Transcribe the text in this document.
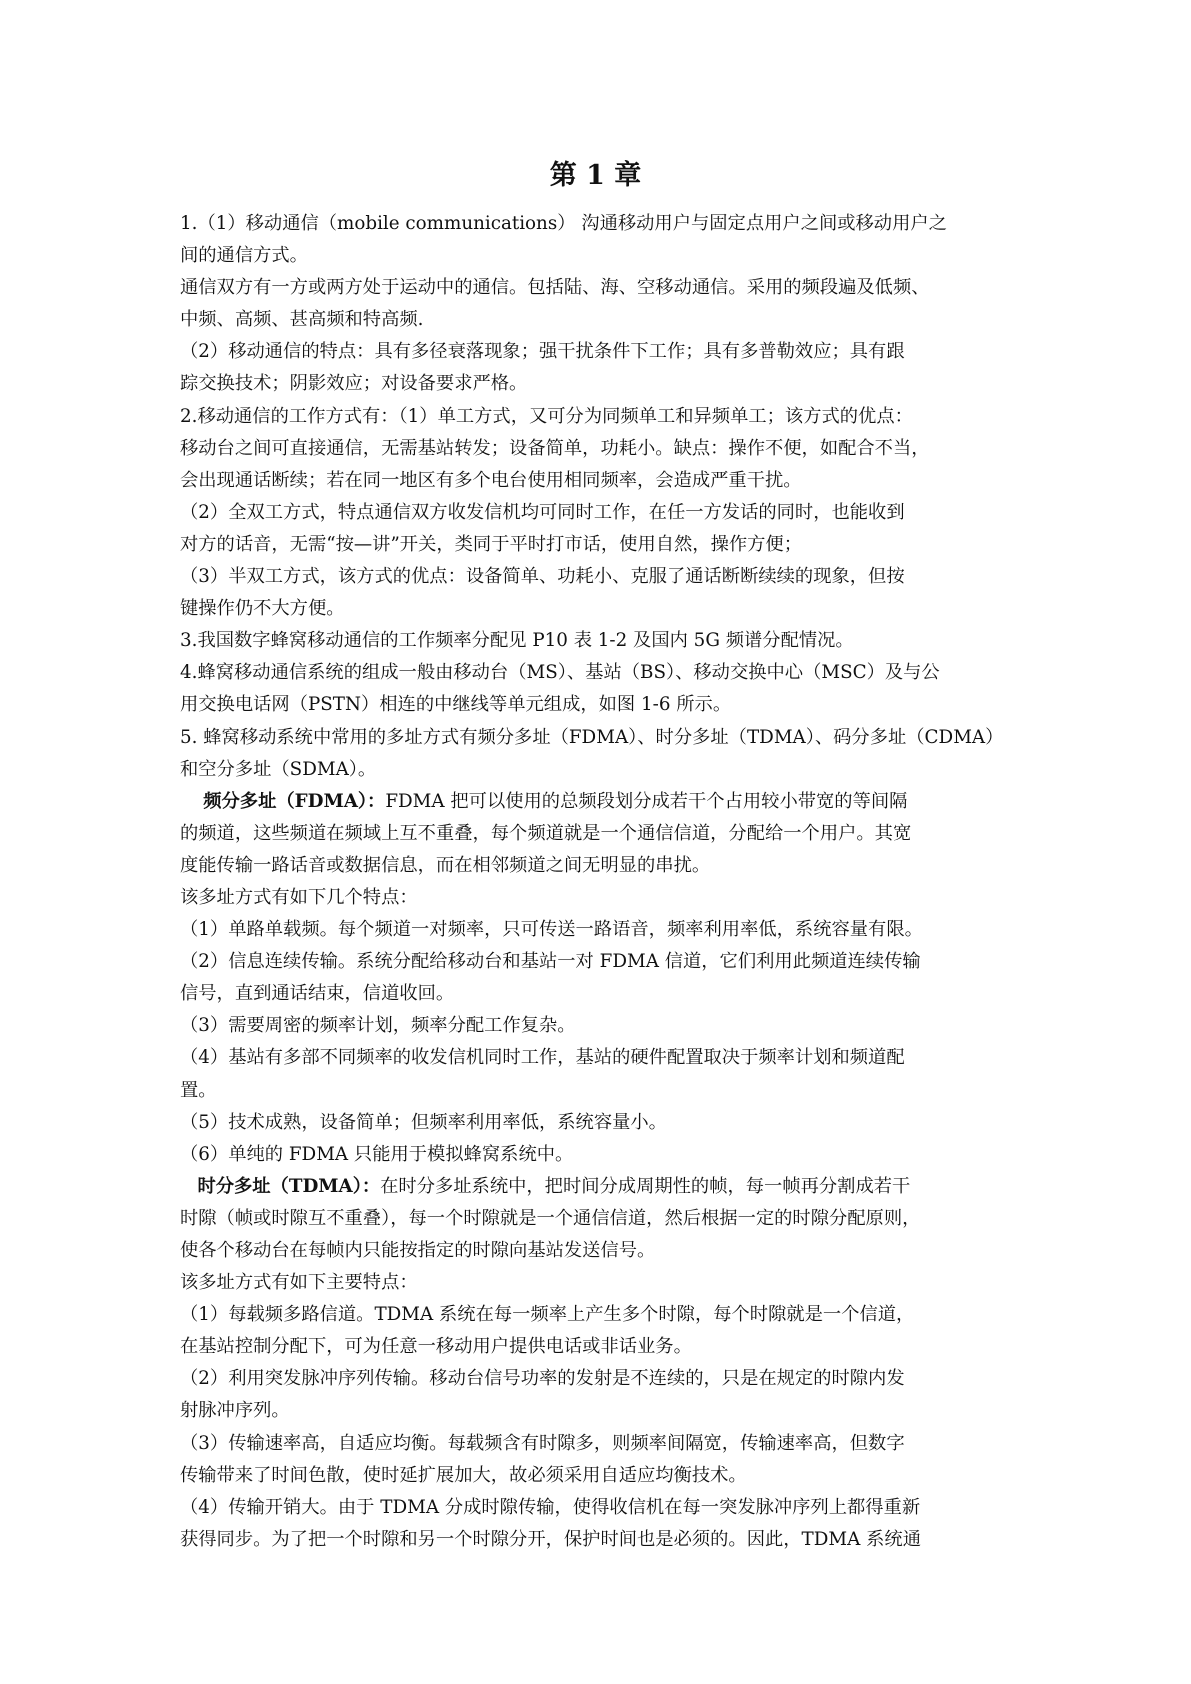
第 1 章
1.（1）移动通信（mobile communications） 沟通移动用户与固定点用户之间或移动用户之
间的通信方式。
通信双方有一方或两方处于运动中的通信。包括陆、海、空移动通信。采用的频段遍及低频、
中频、高频、甚高频和特高频.
（2）移动通信的特点：具有多径衰落现象；强干扰条件下工作；具有多普勒效应；具有跟
踪交换技术；阴影效应；对设备要求严格。
2.移动通信的工作方式有：（1）单工方式，又可分为同频单工和异频单工；该方式的优点：
移动台之间可直接通信，无需基站转发；设备简单，功耗小。缺点：操作不便，如配合不当，
会出现通话断续；若在同一地区有多个电台使用相同频率，会造成严重干扰。
（2）全双工方式，特点通信双方收发信机均可同时工作，在任一方发话的同时，也能收到
对方的话音，无需“按—讲”开关，类同于平时打市话，使用自然，操作方便；
（3）半双工方式，该方式的优点：设备简单、功耗小、克服了通话断断续续的现象，但按
键操作仍不大方便。
3.我国数字蜂窝移动通信的工作频率分配见 P10 表 1-2 及国内 5G 频谱分配情况。
4.蜂窝移动通信系统的组成一般由移动台（MS）、基站（BS）、移动交换中心（MSC）及与公
用交换电话网（PSTN）相连的中继线等单元组成，如图 1-6 所示。
5. 蜂窝移动系统中常用的多址方式有频分多址（FDMA）、时分多址（TDMA）、码分多址（CDMA）
和空分多址（SDMA）。
频分多址（FDMA）：FDMA 把可以使用的总频段划分成若干个占用较小带宽的等间隔
的频道，这些频道在频域上互不重叠，每个频道就是一个通信信道，分配给一个用户。其宽
度能传输一路话音或数据信息，而在相邻频道之间无明显的串扰。
该多址方式有如下几个特点：
（1）单路单载频。每个频道一对频率，只可传送一路语音，频率利用率低，系统容量有限。
（2）信息连续传输。系统分配给移动台和基站一对 FDMA 信道，它们利用此频道连续传输
信号，直到通话结束，信道收回。
（3）需要周密的频率计划，频率分配工作复杂。
（4）基站有多部不同频率的收发信机同时工作，基站的硬件配置取决于频率计划和频道配
置。
（5）技术成熟，设备简单；但频率利用率低，系统容量小。
（6）单纯的 FDMA 只能用于模拟蜂窝系统中。
时分多址（TDMA）：在时分多址系统中，把时间分成周期性的帧，每一帧再分割成若干
时隙（帧或时隙互不重叠），每一个时隙就是一个通信信道，然后根据一定的时隙分配原则，
使各个移动台在每帧内只能按指定的时隙向基站发送信号。
该多址方式有如下主要特点：
（1）每载频多路信道。TDMA 系统在每一频率上产生多个时隙，每个时隙就是一个信道，
在基站控制分配下，可为任意一移动用户提供电话或非话业务。
（2）利用突发脉冲序列传输。移动台信号功率的发射是不连续的，只是在规定的时隙内发
射脉冲序列。
（3）传输速率高，自适应均衡。每载频含有时隙多，则频率间隔宽，传输速率高，但数字
传输带来了时间色散，使时延扩展加大，故必须采用自适应均衡技术。
（4）传输开销大。由于 TDMA 分成时隙传输，使得收信机在每一突发脉冲序列上都得重新
获得同步。为了把一个时隙和另一个时隙分开，保护时间也是必须的。因此，TDMA 系统通
